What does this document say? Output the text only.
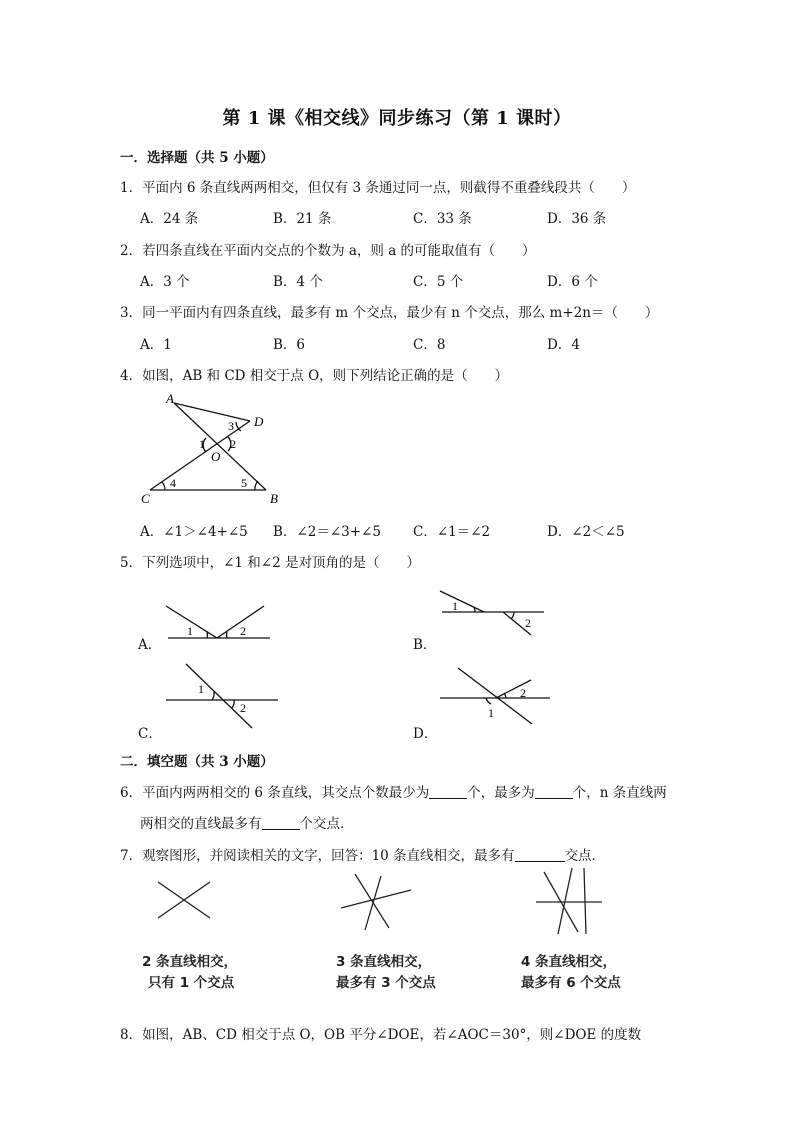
第 1 课《相交线》同步练习（第 1 课时）
一．选择题（共 5 小题）
1．平面内 6 条直线两两相交，但仅有 3 条通过同一点，则截得不重叠线段共（　　）
A．24 条	B．21 条	C．33 条	D．36 条
2．若四条直线在平面内交点的个数为 a，则 a 的可能取值有（　　）
A．3 个	B．4 个	C．5 个	D．6 个
3．同一平面内有四条直线，最多有 m 个交点，最少有 n 个交点，那么 m+2n＝（　　）
A．1	B．6	C．8	D．4
4．如图，AB 和 CD 相交于点 O，则下列结论正确的是（　　）
A
B
C
D
O
1 2
3
4	5
A．∠1＞∠4+∠5 B．∠2＝∠3+∠5 C．∠1＝∠2	D．∠2＜∠5
5．下列选项中，∠1 和∠2 是对顶角的是（　　）
A．
1	2
B．
1
2
C．
1
2
D．
2
1
二．填空题（共 3 小题）
6．平面内两两相交的 6 条直线，其交点个数最少为	个，最多为	个，n 条直线两
两相交的直线最多有	个交点．
7．观察图形，并阅读相关的文字，回答：10 条直线相交，最多有	交点．
2 条直线相交，
只有 1 个交点
3 条直线相交，
最多有 3 个交点
4 条直线相交，
最多有 6 个交点
8．如图，AB、CD 相交于点 O，OB 平分∠DOE，若∠AOC＝30°，则∠DOE 的度数
